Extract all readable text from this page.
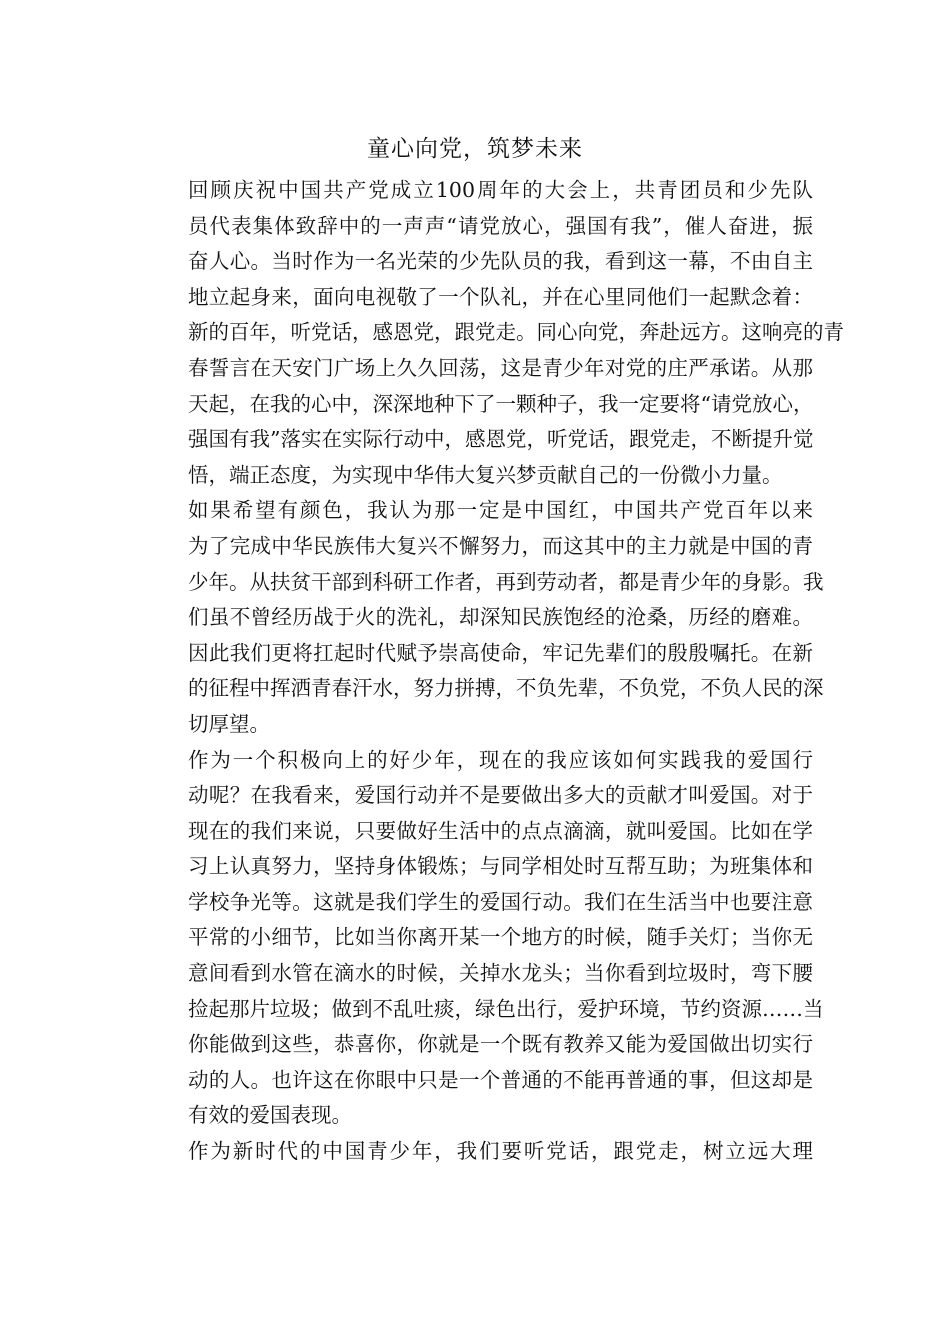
童心向党，筑梦未来

回顾庆祝中国共产党成立100周年的大会上，共青团员和少先队
员代表集体致辞中的一声声“请党放心，强国有我”，催人奋进，振
奋人心。当时作为一名光荣的少先队员的我，看到这一幕，不由自主
地立起身来，面向电视敬了一个队礼，并在心里同他们一起默念着：
新的百年，听党话，感恩党，跟党走。同心向党，奔赴远方。这响亮的青
春誓言在天安门广场上久久回荡，这是青少年对党的庄严承诺。从那
天起，在我的心中，深深地种下了一颗种子，我一定要将“请党放心，
强国有我”落实在实际行动中，感恩党，听党话，跟党走，不断提升觉
悟，端正态度，为实现中华伟大复兴梦贡献自己的一份微小力量。

如果希望有颜色，我认为那一定是中国红，中国共产党百年以来
为了完成中华民族伟大复兴不懈努力，而这其中的主力就是中国的青
少年。从扶贫干部到科研工作者，再到劳动者，都是青少年的身影。我
们虽不曾经历战于火的洗礼，却深知民族饱经的沧桑，历经的磨难。
因此我们更将扛起时代赋予崇高使命，牢记先辈们的殷殷嘱托。在新
的征程中挥洒青春汗水，努力拼搏，不负先辈，不负党，不负人民的深
切厚望。

作为一个积极向上的好少年，现在的我应该如何实践我的爱国行
动呢？在我看来，爱国行动并不是要做出多大的贡献才叫爱国。对于
现在的我们来说，只要做好生活中的点点滴滴，就叫爱国。比如在学
习上认真努力，坚持身体锻炼；与同学相处时互帮互助；为班集体和
学校争光等。这就是我们学生的爱国行动。我们在生活当中也要注意
平常的小细节，比如当你离开某一个地方的时候，随手关灯；当你无
意间看到水管在滴水的时候，关掉水龙头；当你看到垃圾时，弯下腰
捡起那片垃圾；做到不乱吐痰，绿色出行，爱护环境，节约资源……当
你能做到这些，恭喜你，你就是一个既有教养又能为爱国做出切实行
动的人。也许这在你眼中只是一个普通的不能再普通的事，但这却是
有效的爱国表现。

作为新时代的中国青少年，我们要听党话，跟党走，树立远大理
